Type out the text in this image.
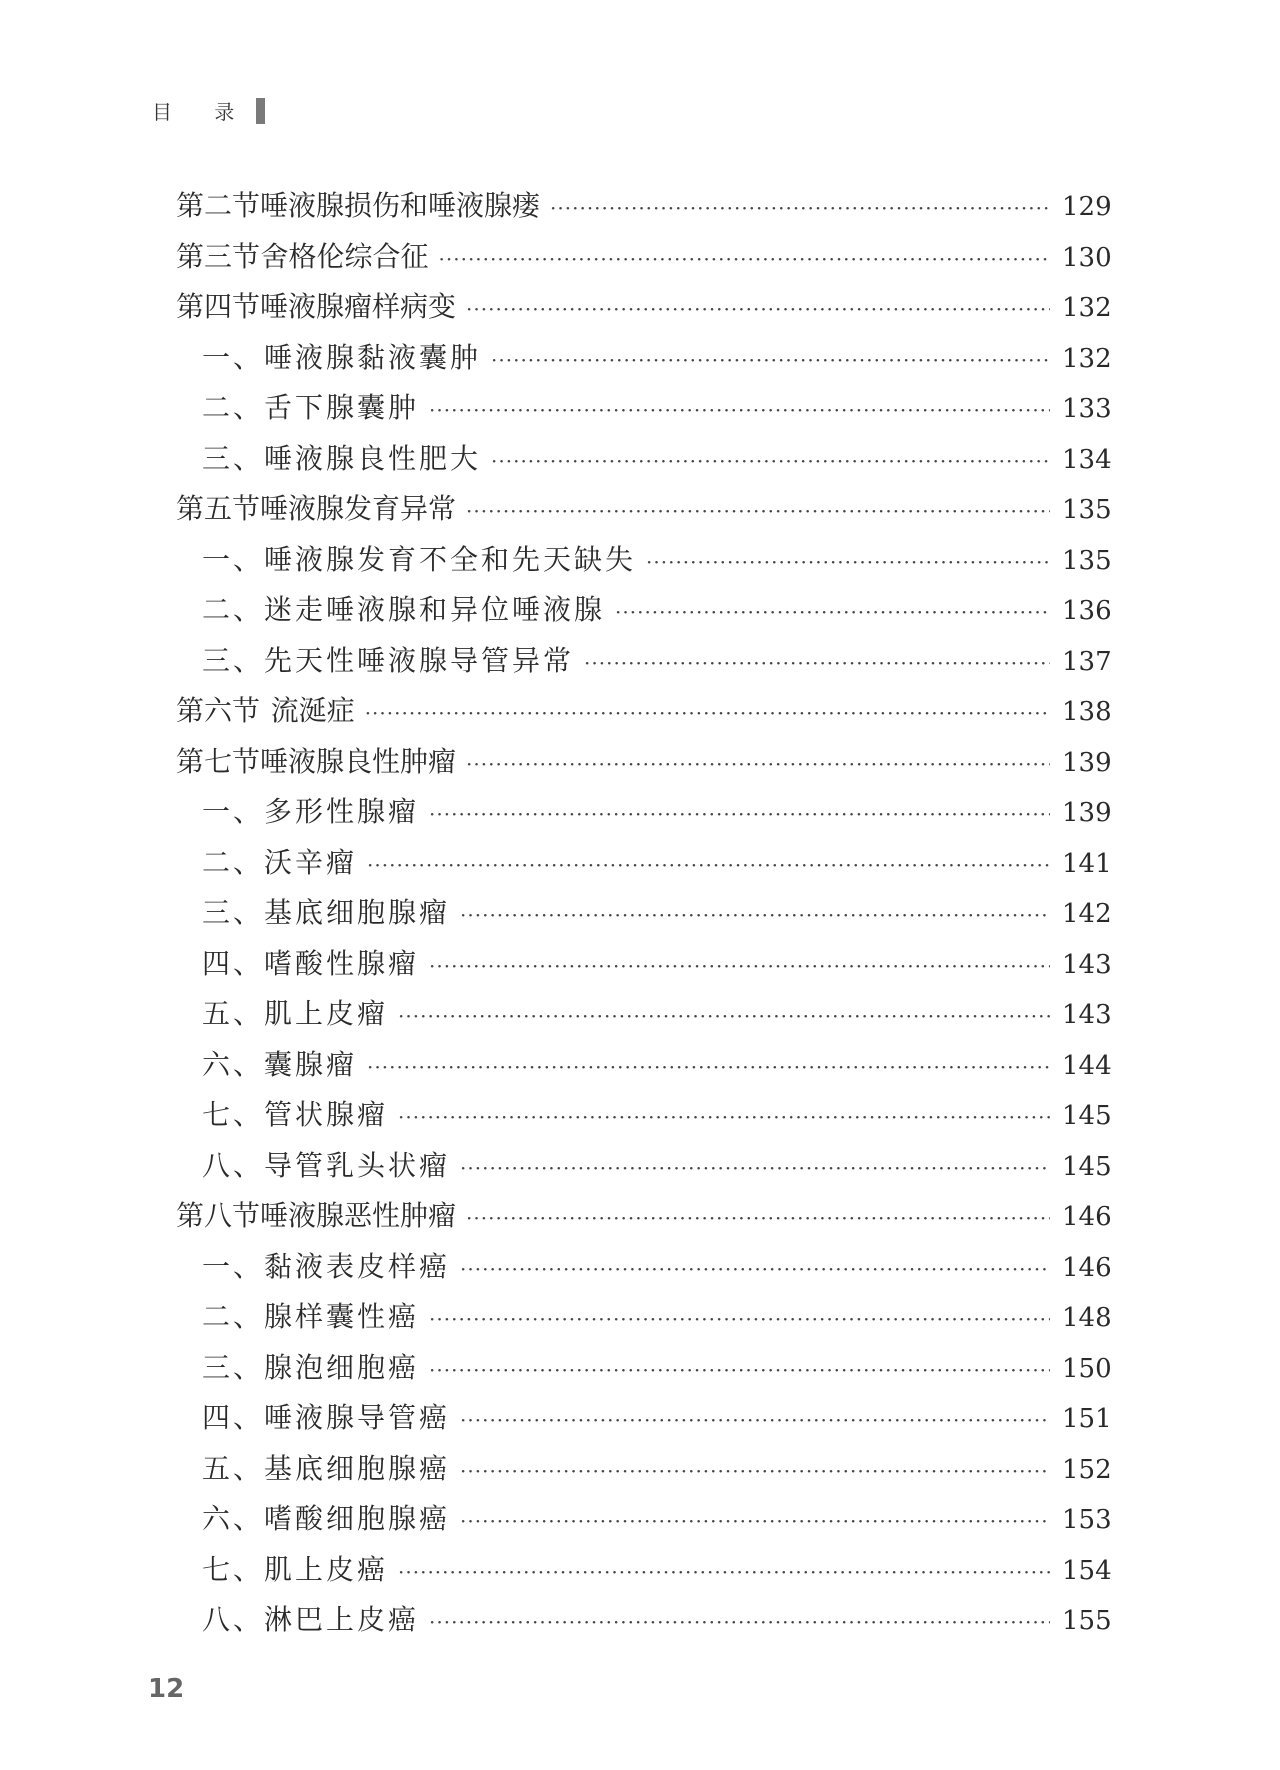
目 录
第二节 唾液腺损伤和唾液腺瘘 ·····	129
第三节 舍格伦综合征 ·····	130
第四节 唾液腺瘤样病变 ·····	132
一、唾液腺黏液囊肿 ·····	132
二、舌下腺囊肿 ·····	133
三、唾液腺良性肥大 ·····	134
第五节 唾液腺发育异常 ·····	135
一、唾液腺发育不全和先天缺失 ·····	135
二、迷走唾液腺和异位唾液腺 ·····	136
三、先天性唾液腺导管异常 ·····	137
第六节 流涎症 ·····	138
第七节 唾液腺良性肿瘤 ·····	139
一、多形性腺瘤 ·····	139
二、沃辛瘤 ·····	141
三、基底细胞腺瘤 ·····	142
四、嗜酸性腺瘤 ·····	143
五、肌上皮瘤 ·····	143
六、囊腺瘤 ·····	144
七、管状腺瘤 ·····	145
八、导管乳头状瘤 ·····	145
第八节 唾液腺恶性肿瘤 ·····	146
一、黏液表皮样癌 ·····	146
二、腺样囊性癌 ·····	148
三、腺泡细胞癌 ·····	150
四、唾液腺导管癌 ·····	151
五、基底细胞腺癌 ·····	152
六、嗜酸细胞腺癌 ·····	153
七、肌上皮癌 ·····	154
八、淋巴上皮癌 ·····	155
12
